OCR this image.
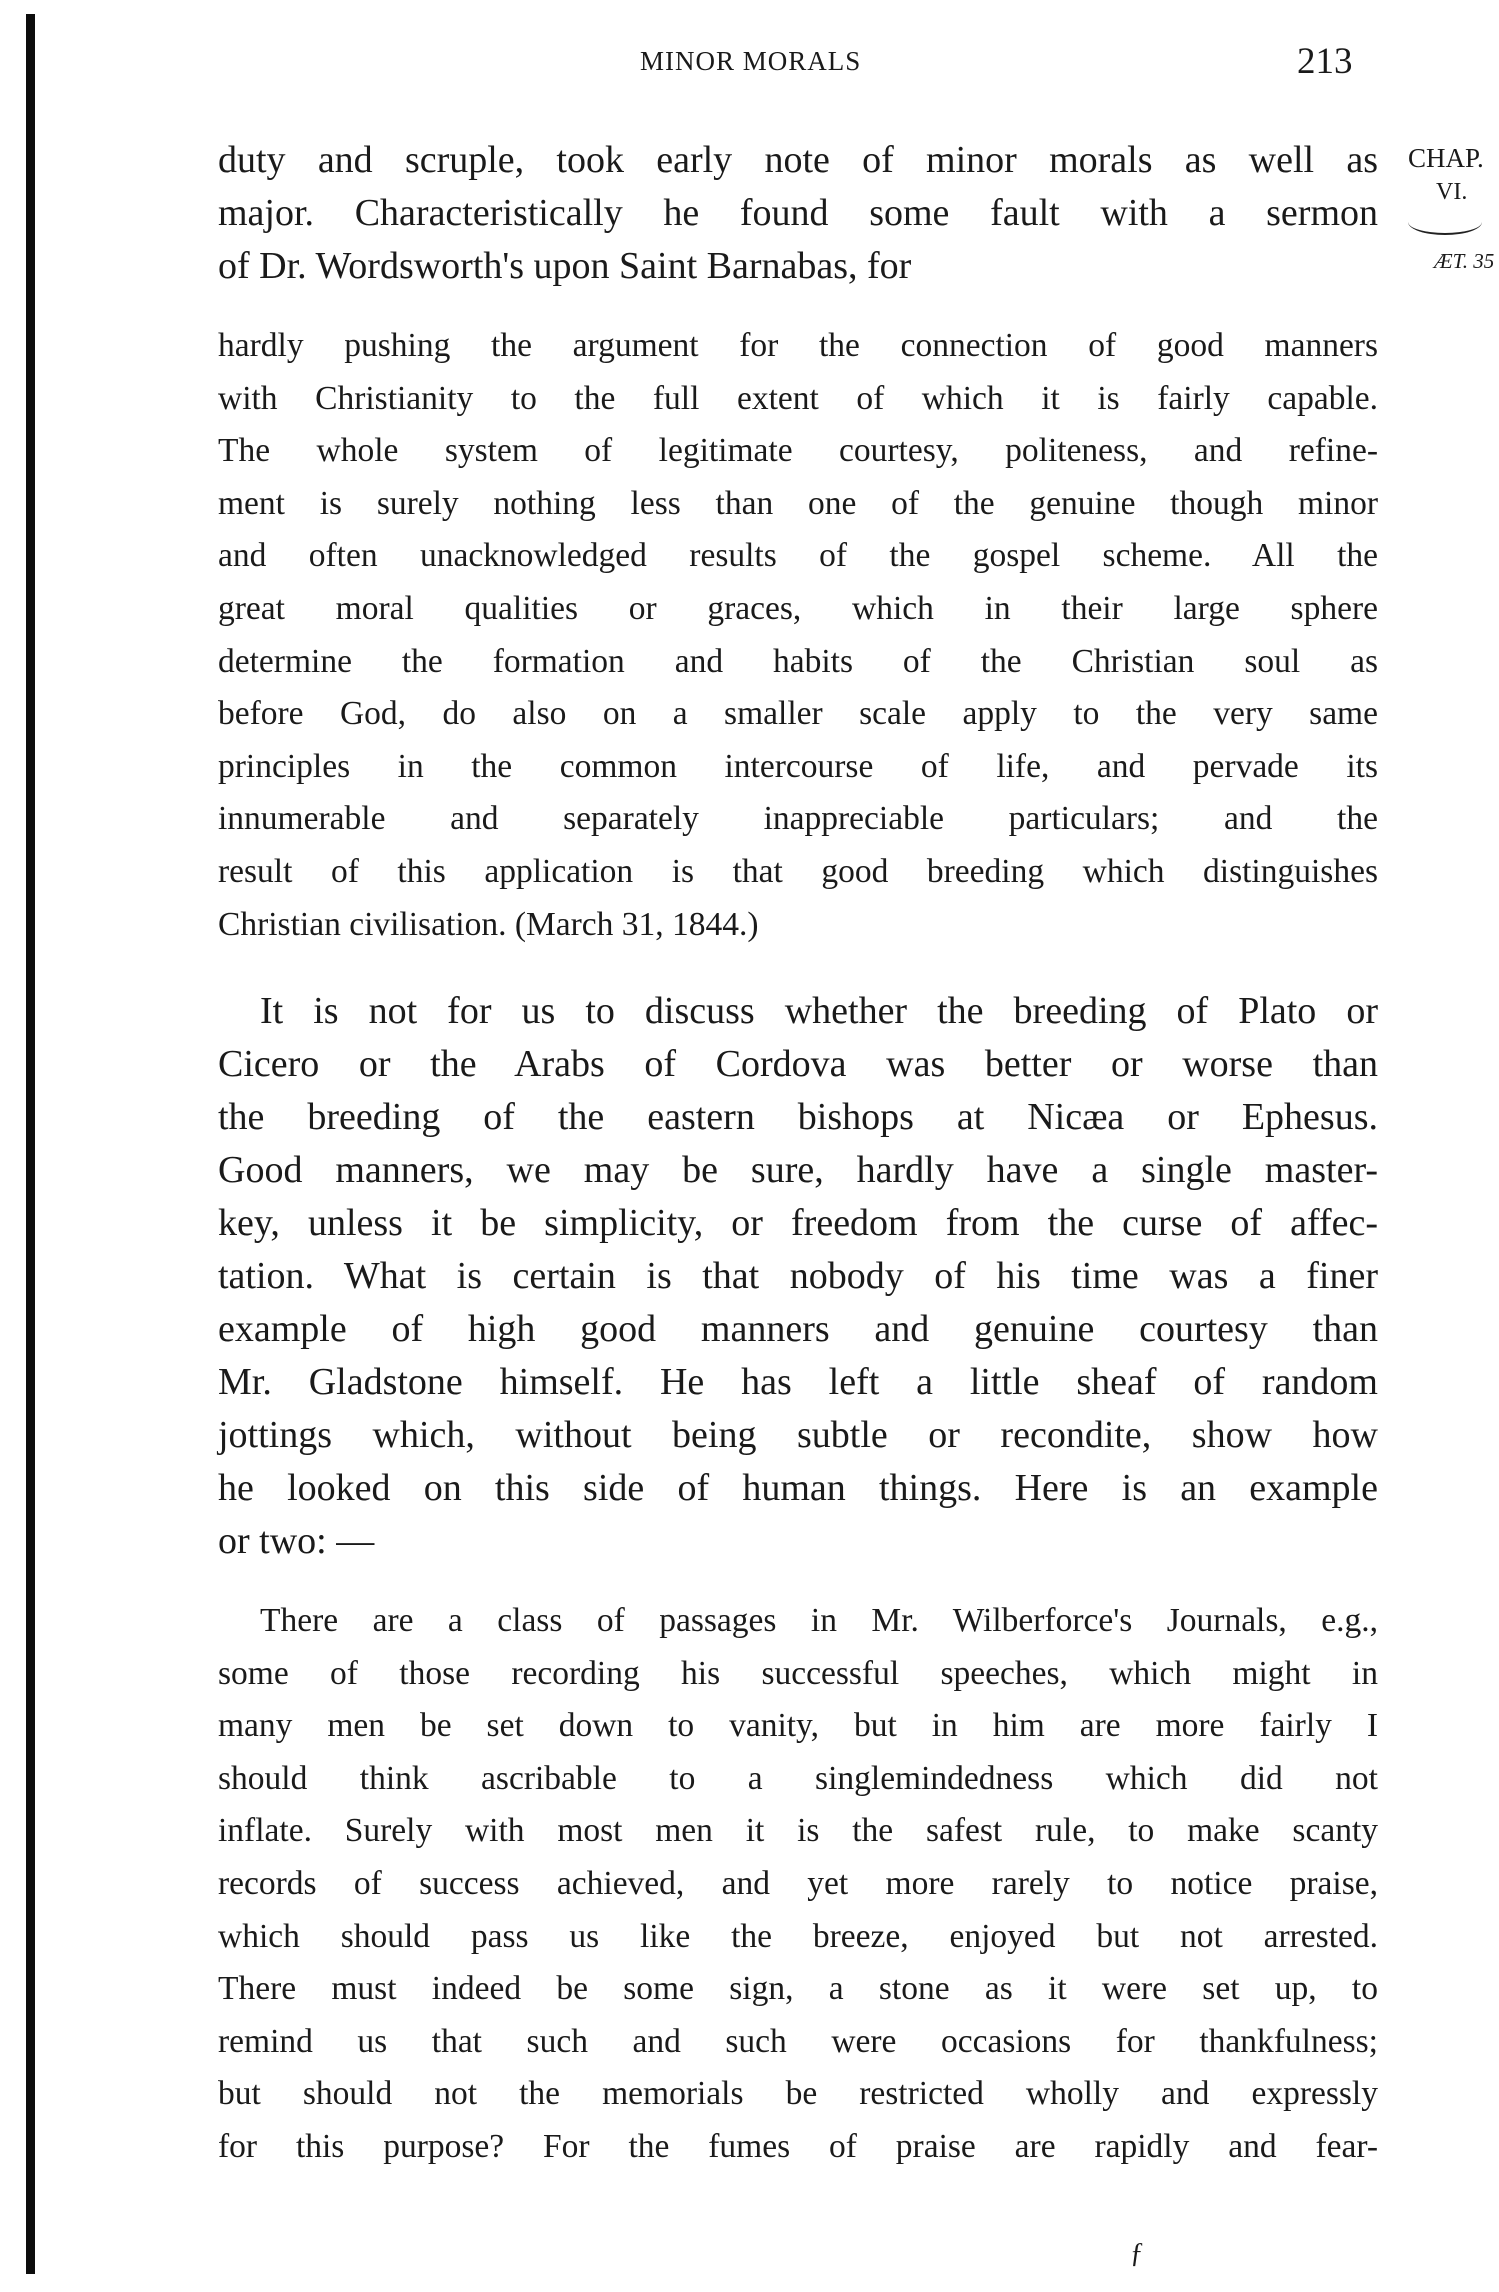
MINOR MORALS	213
CHAP.
VI.
ÆT. 35
duty and scruple, took early note of minor morals as well as
major. Characteristically he found some fault with a sermon
of Dr. Wordsworth's upon Saint Barnabas, for
hardly pushing the argument for the connection of good manners
with Christianity to the full extent of which it is fairly capable.
The whole system of legitimate courtesy, politeness, and refine-
ment is surely nothing less than one of the genuine though minor
and often unacknowledged results of the gospel scheme. All the
great moral qualities or graces, which in their large sphere
determine the formation and habits of the Christian soul as
before God, do also on a smaller scale apply to the very same
principles in the common intercourse of life, and pervade its
innumerable and separately inappreciable particulars; and the
result of this application is that good breeding which distinguishes
Christian civilisation. (March 31, 1844.)
It is not for us to discuss whether the breeding of Plato or
Cicero or the Arabs of Cordova was better or worse than
the breeding of the eastern bishops at Nicæa or Ephesus.
Good manners, we may be sure, hardly have a single master-
key, unless it be simplicity, or freedom from the curse of affec-
tation. What is certain is that nobody of his time was a finer
example of high good manners and genuine courtesy than
Mr. Gladstone himself. He has left a little sheaf of random
jottings which, without being subtle or recondite, show how
he looked on this side of human things. Here is an example
or two: —
There are a class of passages in Mr. Wilberforce's Journals, e.g.,
some of those recording his successful speeches, which might in
many men be set down to vanity, but in him are more fairly I
should think ascribable to a singlemindedness which did not
inflate. Surely with most men it is the safest rule, to make scanty
records of success achieved, and yet more rarely to notice praise,
which should pass us like the breeze, enjoyed but not arrested.
There must indeed be some sign, a stone as it were set up, to
remind us that such and such were occasions for thankfulness;
but should not the memorials be restricted wholly and expressly
for this purpose? For the fumes of praise are rapidly and fear-
ƒ
